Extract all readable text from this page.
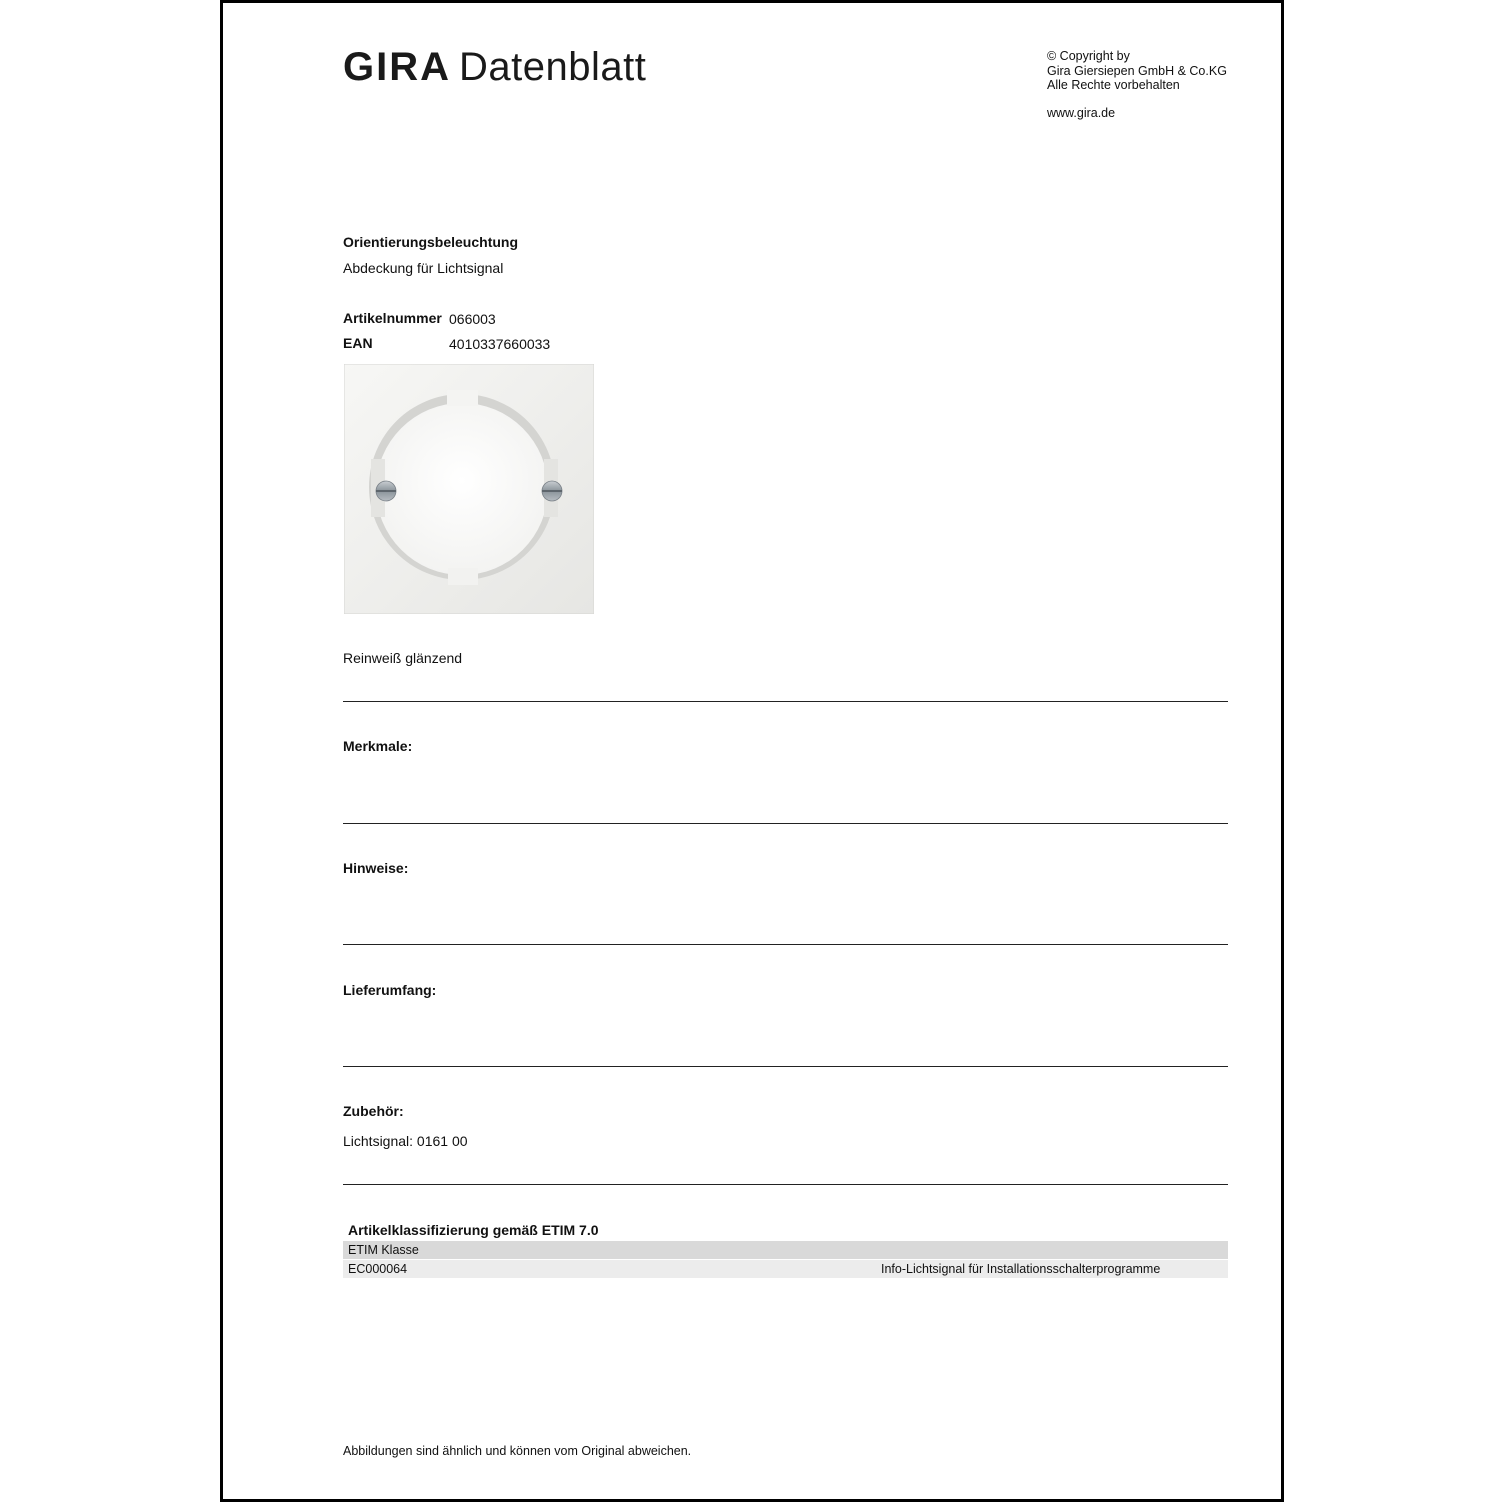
GIRA Datenblatt	© Copyright by
Gira Giersiepen GmbH & Co.KG
Alle Rechte vorbehalten
www.gira.de
Orientierungsbeleuchtung
Abdeckung für Lichtsignal
Artikelnummer 066003
EAN	4010337660033
Reinweiß glänzend
Merkmale:
Hinweise:
Lieferumfang:
Zubehör:
Lichtsignal: 0161 00
Artikelklassifizierung gemäß ETIM 7.0
ETIM Klasse
EC000064	Info-Lichtsignal für Installationsschalterprogramme
Abbildungen sind ähnlich und können vom Original abweichen.
